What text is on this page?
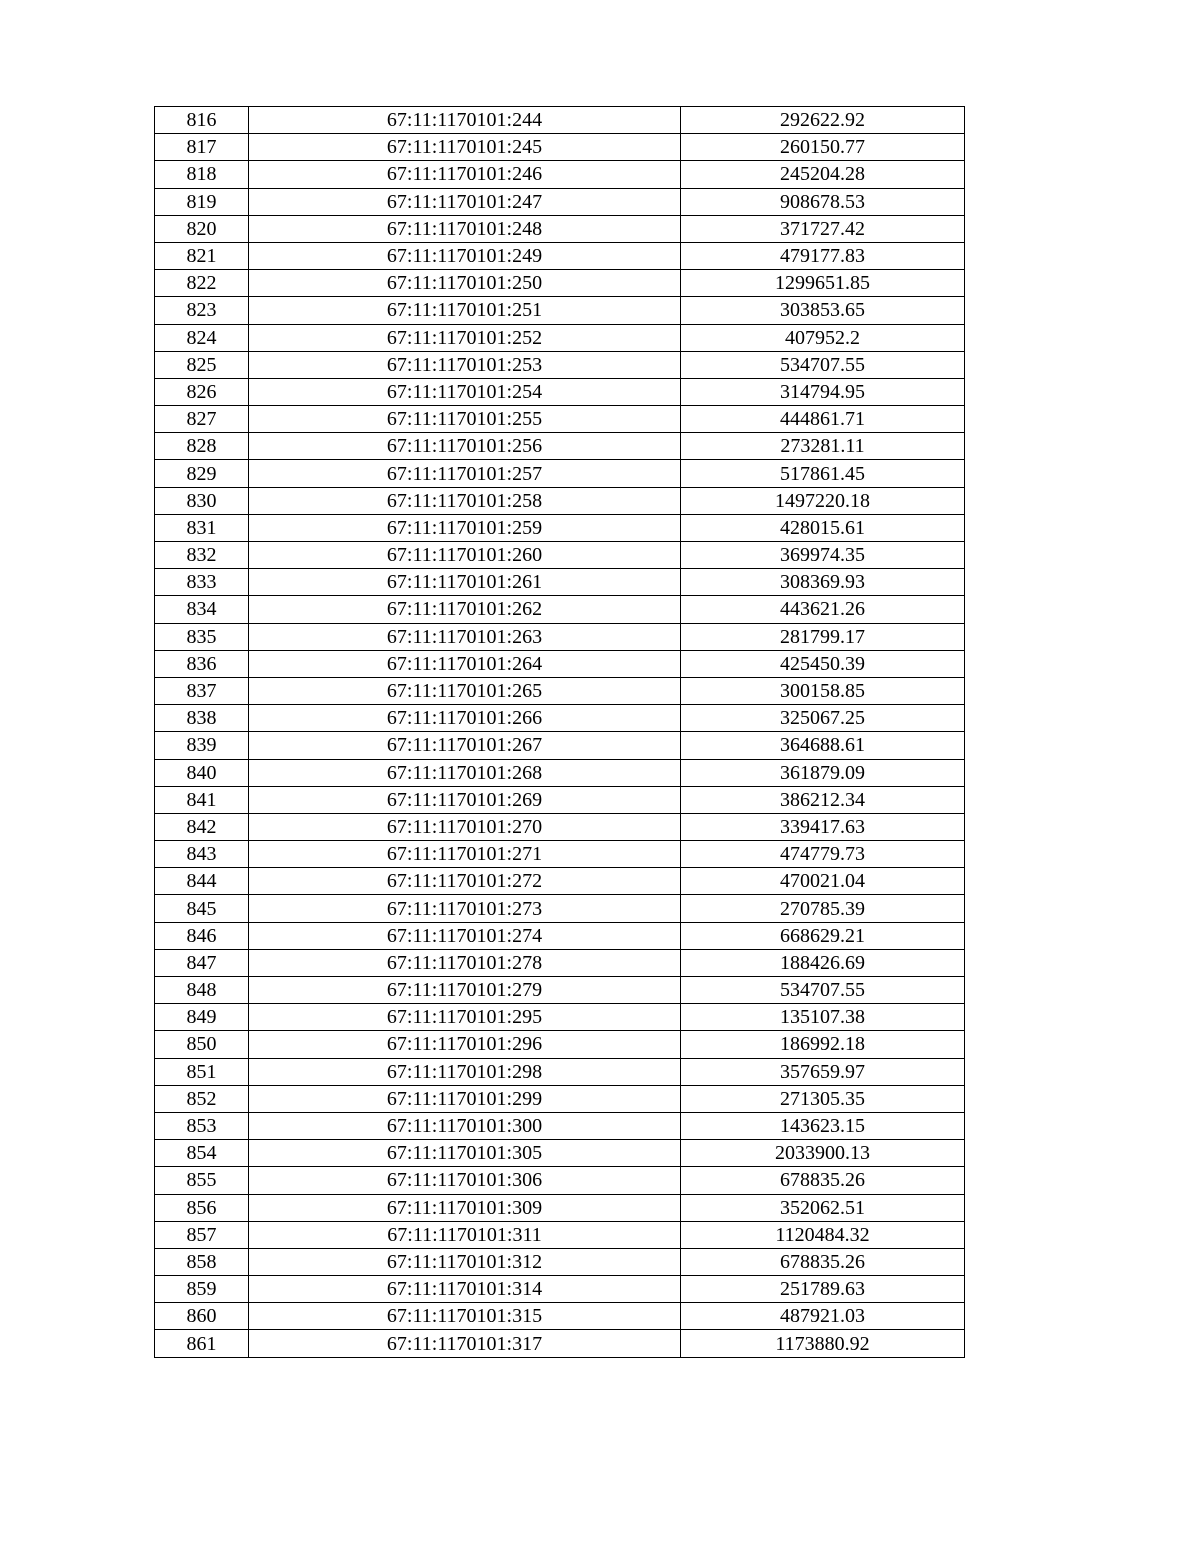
816	67:11:1170101:244	292622.92
817	67:11:1170101:245	260150.77
818	67:11:1170101:246	245204.28
819	67:11:1170101:247	908678.53
820	67:11:1170101:248	371727.42
821	67:11:1170101:249	479177.83
822	67:11:1170101:250	1299651.85
823	67:11:1170101:251	303853.65
824	67:11:1170101:252	407952.2
825	67:11:1170101:253	534707.55
826	67:11:1170101:254	314794.95
827	67:11:1170101:255	444861.71
828	67:11:1170101:256	273281.11
829	67:11:1170101:257	517861.45
830	67:11:1170101:258	1497220.18
831	67:11:1170101:259	428015.61
832	67:11:1170101:260	369974.35
833	67:11:1170101:261	308369.93
834	67:11:1170101:262	443621.26
835	67:11:1170101:263	281799.17
836	67:11:1170101:264	425450.39
837	67:11:1170101:265	300158.85
838	67:11:1170101:266	325067.25
839	67:11:1170101:267	364688.61
840	67:11:1170101:268	361879.09
841	67:11:1170101:269	386212.34
842	67:11:1170101:270	339417.63
843	67:11:1170101:271	474779.73
844	67:11:1170101:272	470021.04
845	67:11:1170101:273	270785.39
846	67:11:1170101:274	668629.21
847	67:11:1170101:278	188426.69
848	67:11:1170101:279	534707.55
849	67:11:1170101:295	135107.38
850	67:11:1170101:296	186992.18
851	67:11:1170101:298	357659.97
852	67:11:1170101:299	271305.35
853	67:11:1170101:300	143623.15
854	67:11:1170101:305	2033900.13
855	67:11:1170101:306	678835.26
856	67:11:1170101:309	352062.51
857	67:11:1170101:311	1120484.32
858	67:11:1170101:312	678835.26
859	67:11:1170101:314	251789.63
860	67:11:1170101:315	487921.03
861	67:11:1170101:317	1173880.92
